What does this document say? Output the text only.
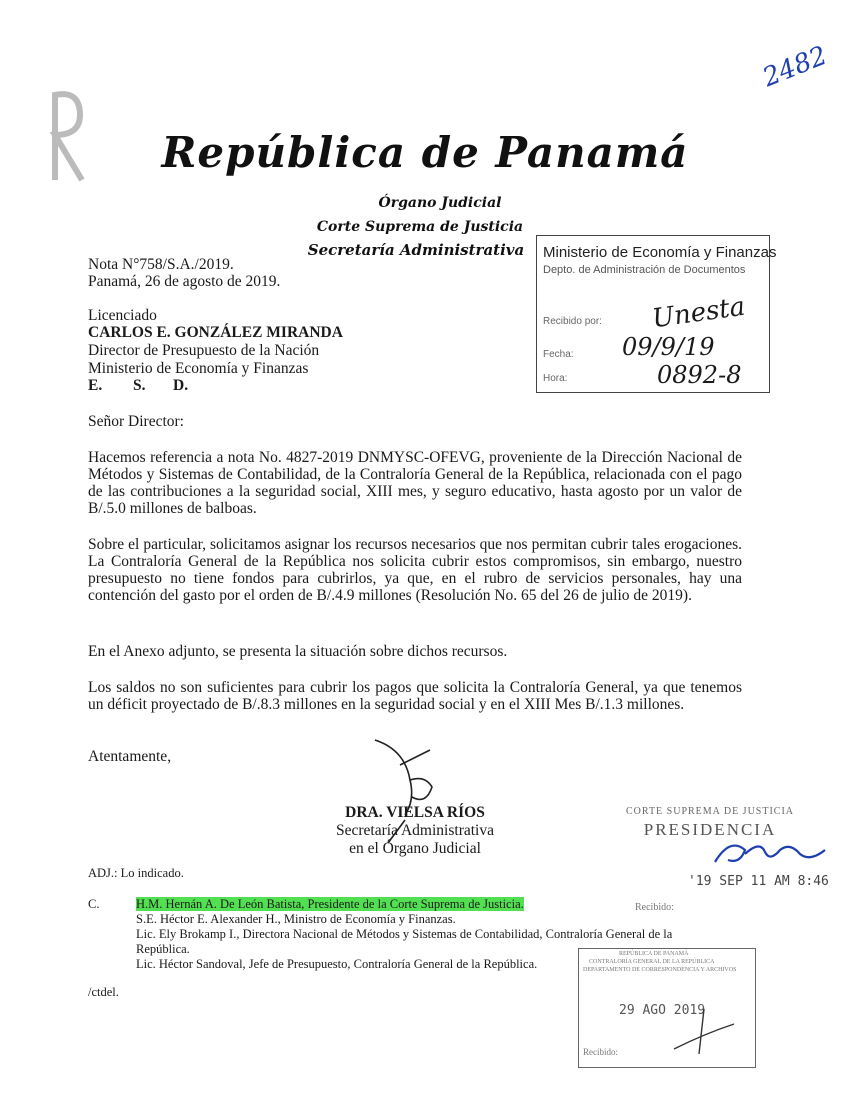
2482
República de Panamá
Órgano Judicial
Corte Suprema de Justicia
Secretaría Administrativa
Nota N°758/S.A./2019.
Panamá, 26 de agosto de 2019.
Ministerio de Economía y Finanzas
Depto. de Administración de Documentos
Recibido por: Unesta
Fecha: 09/9/19
Hora:	0892-8
Licenciado
CARLOS E. GONZÁLEZ MIRANDA
Director de Presupuesto de la Nación
Ministerio de Economía y Finanzas
E. S. D.
Señor Director:
Hacemos referencia a nota No. 4827-2019 DNMYSC-OFEVG, proveniente de la Dirección Nacional de Métodos y Sistemas de Contabilidad, de la Contraloría General de la República, relacionada con el pago de las contribuciones a la seguridad social, XIII mes, y seguro educativo, hasta agosto por un valor de B/.5.0 millones de balboas.
Sobre el particular, solicitamos asignar los recursos necesarios que nos permitan cubrir tales erogaciones. La Contraloría General de la República nos solicita cubrir estos compromisos, sin embargo, nuestro presupuesto no tiene fondos para cubrirlos, ya que, en el rubro de servicios personales, hay una contención del gasto por el orden de B/.4.9 millones (Resolución No. 65 del 26 de julio de 2019).
En el Anexo adjunto, se presenta la situación sobre dichos recursos.
Los saldos no son suficientes para cubrir los pagos que solicita la Contraloría General, ya que tenemos un déficit proyectado de B/.8.3 millones en la seguridad social y en el XIII Mes B/.1.3 millones.
Atentamente,
DRA. VIELSA RÍOS
Secretaría Administrativa
en el Órgano Judicial
CORTE SUPREMA DE JUSTICIA
PRESIDENCIA
'19 SEP 11 AM 8:46
ADJ.: Lo indicado.
C.	H.M. Hernán A. De León Batista, Presidente de la Corte Suprema de Justicia.	Recibido:
S.E. Héctor E. Alexander H., Ministro de Economía y Finanzas.
Lic. Ely Brokamp I., Directora Nacional de Métodos y Sistemas de Contabilidad, Contraloría General de la República.
Lic. Héctor Sandoval, Jefe de Presupuesto, Contraloría General de la República.
/ctdel.
REPÚBLICA DE PANAMÁ
CONTRALORÍA GENERAL DE LA REPÚBLICA
DEPARTAMENTO DE CORRESPONDENCIA Y ARCHIVOS
29 AGO 2019
Recibido:
